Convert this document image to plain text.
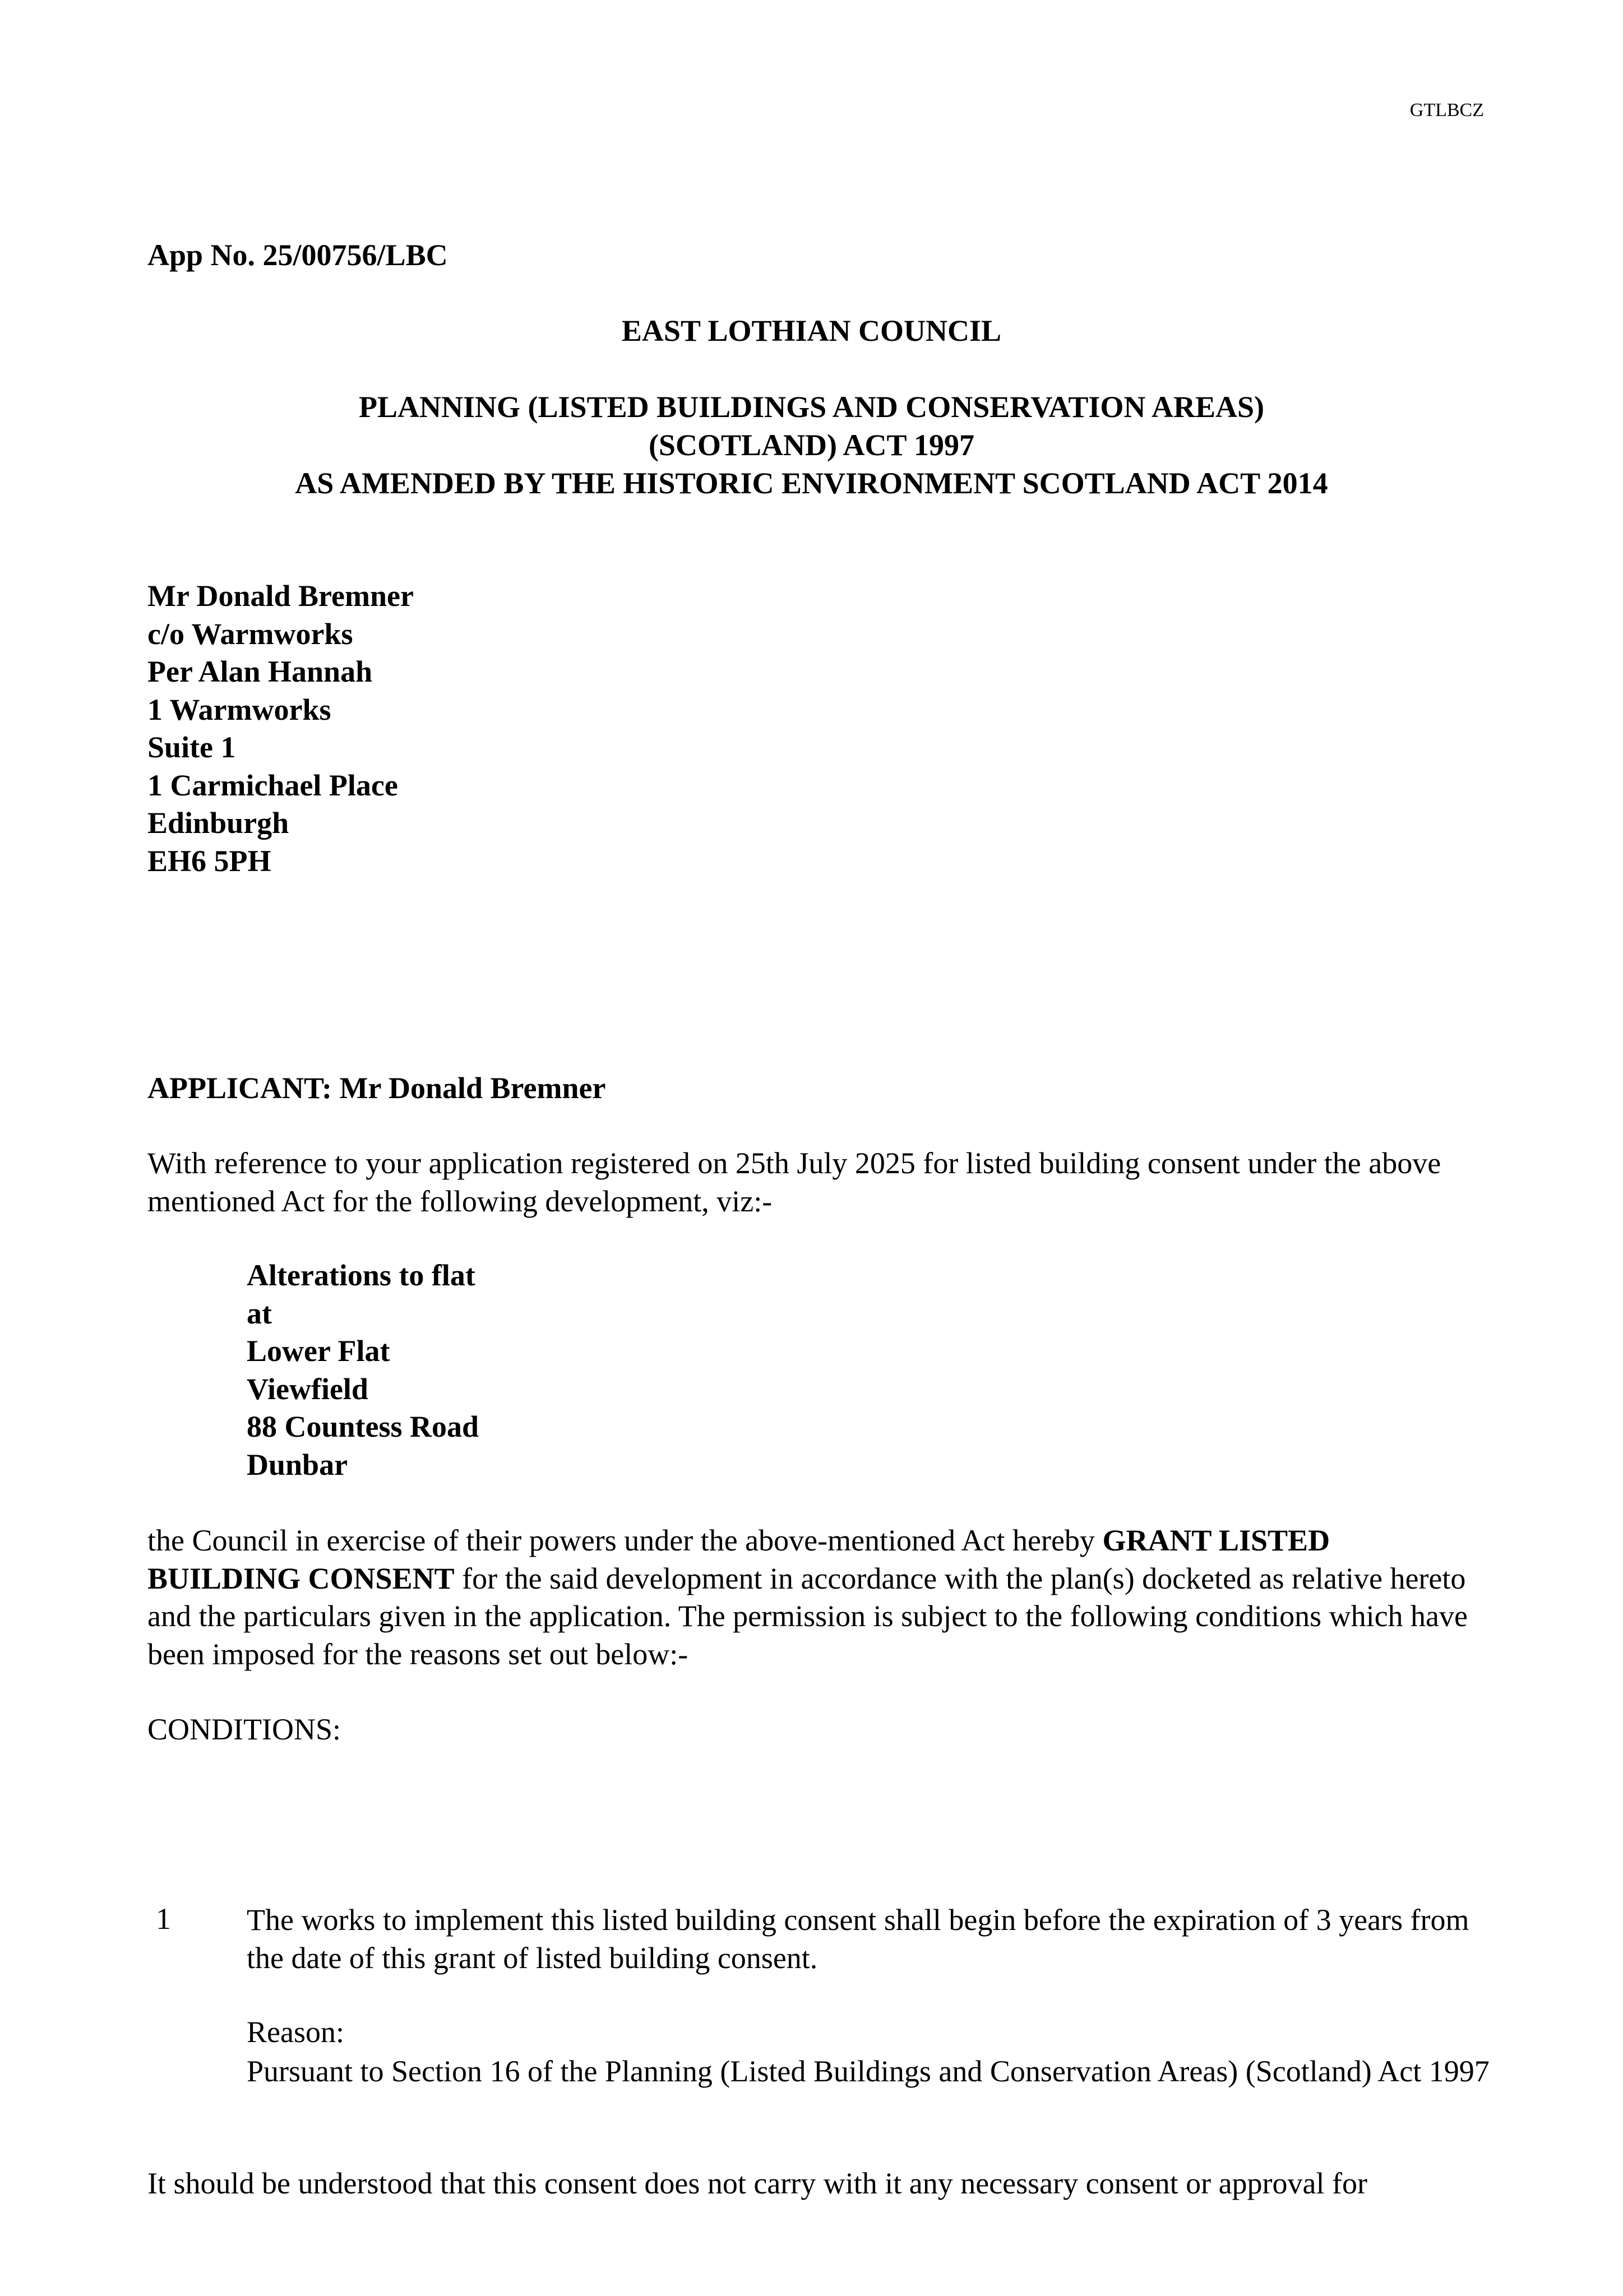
GTLBCZ
App No. 25/00756/LBC
EAST LOTHIAN COUNCIL
PLANNING (LISTED BUILDINGS AND CONSERVATION AREAS)
(SCOTLAND) ACT 1997
AS AMENDED BY THE HISTORIC ENVIRONMENT SCOTLAND ACT 2014
Mr Donald Bremner
c/o Warmworks
Per Alan Hannah
1 Warmworks
Suite 1
1 Carmichael Place
Edinburgh
EH6 5PH
APPLICANT: Mr Donald Bremner
With reference to your application registered on 25th July 2025 for listed building consent under the above mentioned Act for the following development, viz:-
Alterations to flat
at
Lower Flat
Viewfield
88 Countess Road
Dunbar
the Council in exercise of their powers under the above-mentioned Act hereby GRANT LISTED BUILDING CONSENT for the said development in accordance with the plan(s) docketed as relative hereto and the particulars given in the application. The permission is subject to the following conditions which have been imposed for the reasons set out below:-
CONDITIONS:
1	The works to implement this listed building consent shall begin before the expiration of 3 years from the date of this grant of listed building consent.
Reason:
Pursuant to Section 16 of the Planning (Listed Buildings and Conservation Areas) (Scotland) Act 1997
It should be understood that this consent does not carry with it any necessary consent or approval for
